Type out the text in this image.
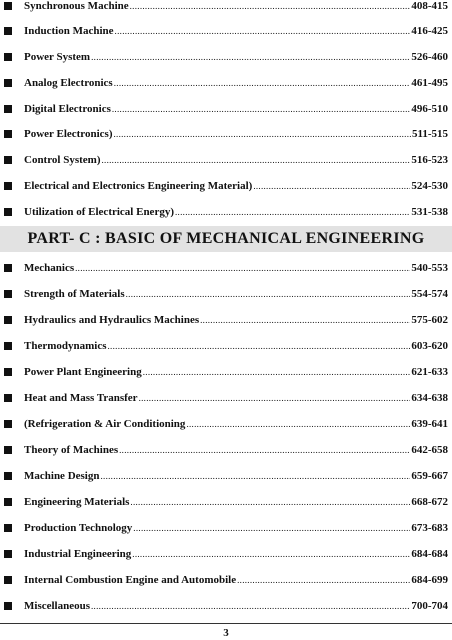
Synchronous Machine .....	408-415
Induction Machine .....	416-425
Power System .....	526-460
Analog Electronics .....	461-495
Digital Electronics .....	496-510
Power Electronics) .....	511-515
Control System) .....	516-523
Electrical and Electronics Engineering Material) .....	524-530
Utilization of Electrical Energy) .....	531-538
PART- C : BASIC OF MECHANICAL ENGINEERING
Mechanics .....	540-553
Strength of Materials .....	554-574
Hydraulics and Hydraulics Machines .....	575-602
Thermodynamics .....	603-620
Power Plant Engineering .....	621-633
Heat and Mass Transfer .....	634-638
(Refrigeration & Air Conditioning .....	639-641
Theory of Machines .....	642-658
Machine Design .....	659-667
Engineering Materials .....	668-672
Production Technology .....	673-683
Industrial Engineering .....	684-684
Internal Combustion Engine and Automobile .....	684-699
Miscellaneous .....	700-704
3
